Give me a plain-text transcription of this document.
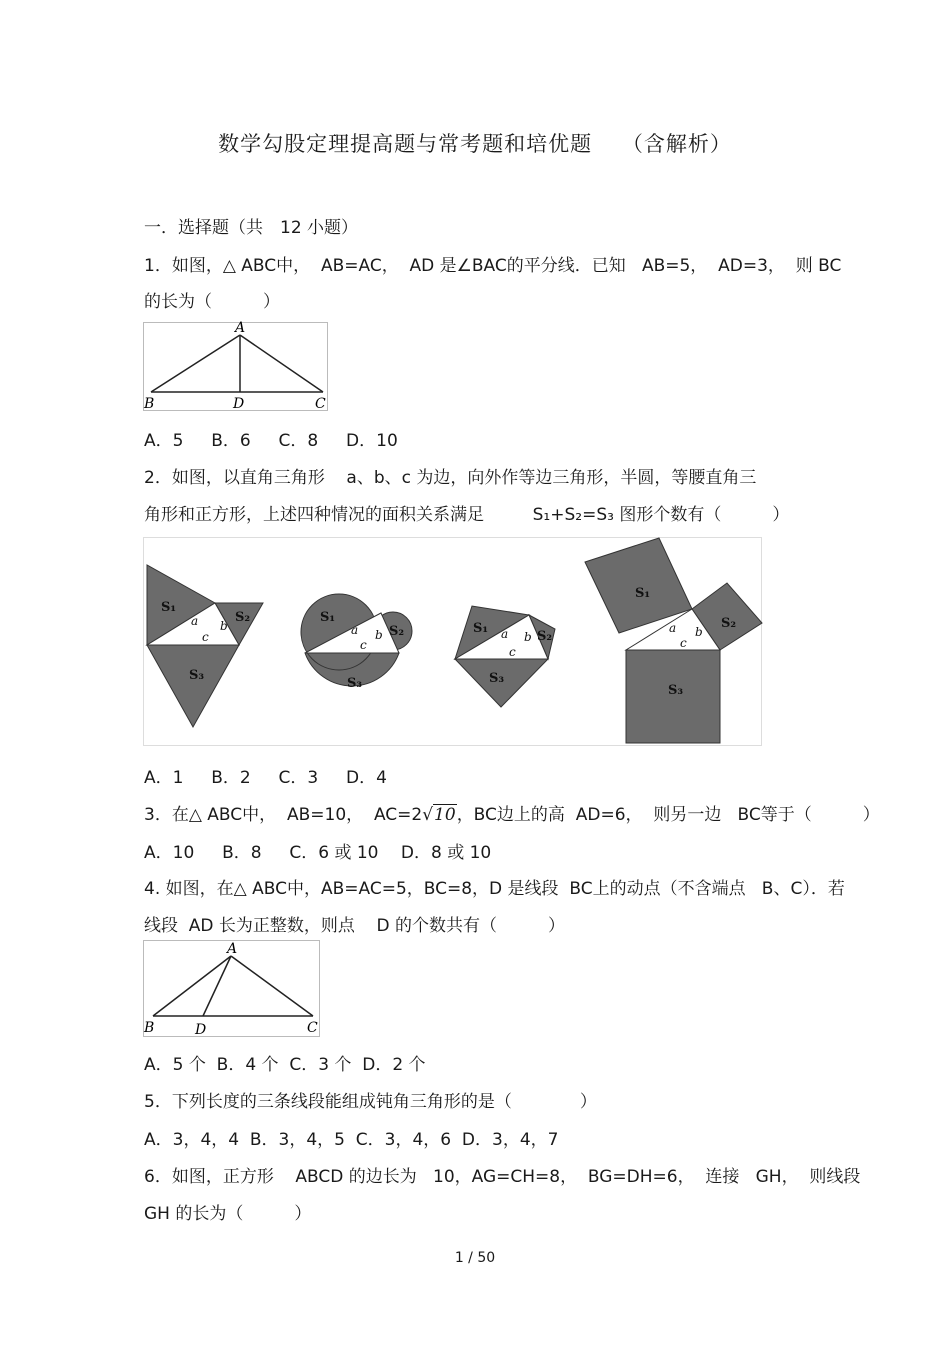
数学勾股定理提高题与常考题和培优题　 （含解析）
一．选择题（共　12 小题）
1．如图，△ ABC中，  AB=AC，  AD 是∠BAC的平分线．已知   AB=5，  AD=3，  则 BC
的长为（　　　）
A
B	D	C
A．5　  B．6　  C．8　  D．10
2．如图，以直角三角形    a、b、c 为边，向外作等边三角形，半圆，等腰直角三
角形和正方形，上述四种情况的面积关系满足         S₁+S₂=S₃ 图形个数有（　　　）
S₁
S₂
S₃
a b
c
S₁
S₂
S₃
a b
c
S₁
S₂
S₃
a b
c
S₁
S₂
S₃
a b
c
A．1　  B．2　  C．3　  D．4
3．在△ ABC中，  AB=10，  AC=2√10，BC边上的高  AD=6，  则另一边   BC等于（　　　）
A．10　  B．8　  C．6 或 10　 D．8 或 10
4. 如图，在△ ABC中，AB=AC=5，BC=8，D 是线段  BC上的动点（不含端点   B、C）．若
线段  AD 长为正整数，则点    D 的个数共有（　　　）
A
B	D	C
A．5 个  B．4 个  C．3 个  D．2 个
5．下列长度的三条线段能组成钝角三角形的是（　　　　）
A．3，4，4  B．3，4，5  C．3，4，6  D．3，4，7
6．如图，正方形    ABCD 的边长为   10，AG=CH=8，  BG=DH=6，  连接   GH，  则线段
GH 的长为（　　　）
1 / 50
